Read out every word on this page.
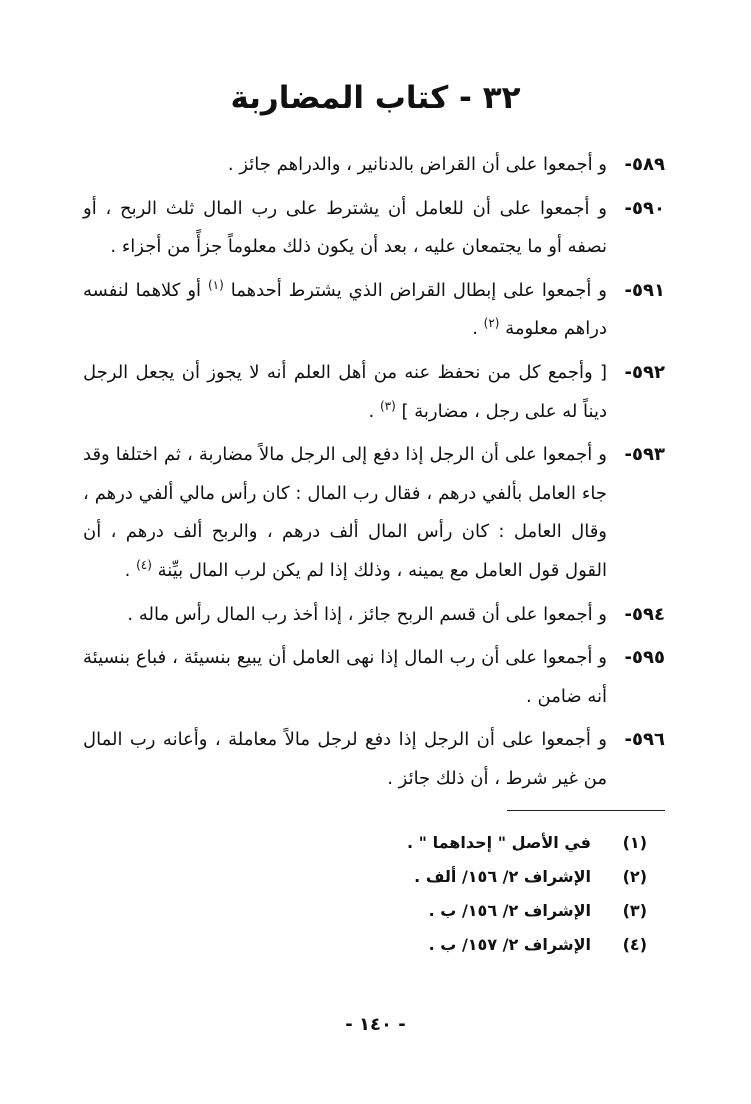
٣٢ - كتاب المضاربة
٥٨٩-
و أجمعوا على أن القراض بالدنانير ، والدراهم جائز .
٥٩٠-
و أجمعوا على أن للعامل أن يشترط على رب المال ثلث الربح ، أو نصفه أو ما يجتمعان عليه ، بعد أن يكون ذلك معلوماً جزأً من أجزاء .
٥٩١-
و أجمعوا على إبطال القراض الذي يشترط أحدهما $^{(١)}$ أو كلاهما لنفسه دراهم معلومة $^{(٢)}$ .
٥٩٢-
[ وأجمع كل من نحفظ عنه من أهل العلم أنه لا يجوز أن يجعل الرجل ديناً له على رجل ، مضاربة ] $^{(٣)}$ .
٥٩٣-
و أجمعوا على أن الرجل إذا دفع إلى الرجل مالاً مضاربة ، ثم اختلفا وقد جاء العامل بألفي درهم ، فقال رب المال : كان رأس مالي ألفي درهم ، وقال العامل : كان رأس المال ألف درهم ، والربح ألف درهم ، أن القول قول العامل مع يمينه ، وذلك إذا لم يكن لرب المال بيِّنة $^{(٤)}$ .
٥٩٤-
و أجمعوا على أن قسم الربح جائز ، إذا أخذ رب المال رأس ماله .
٥٩٥-
و أجمعوا على أن رب المال إذا نهى العامل أن يبيع بنسيئة ، فباع بنسيئة أنه ضامن .
٥٩٦-
و أجمعوا على أن الرجل إذا دفع لرجل مالاً معاملة ، وأعانه رب المال من غير شرط ، أن ذلك جائز .
(١)
في الأصل " إحداهما " .
(٢)
الإشراف ٢/ ١٥٦/ ألف .
(٣)
الإشراف ٢/ ١٥٦/ ب .
(٤)
الإشراف ٢/ ١٥٧/ ب .
- ١٤٠ -
